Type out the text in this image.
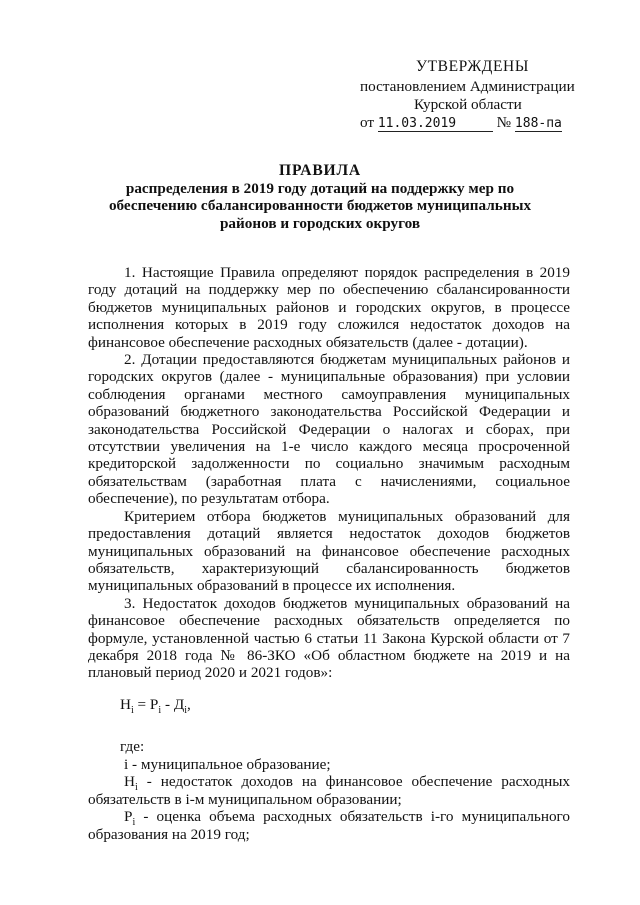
УТВЕРЖДЕНЫ
постановлением Администрации
Курской области
от 11.03.2019	№ 188-па
ПРАВИЛА
распределения в 2019 году дотаций на поддержку мер по обеспечению сбалансированности бюджетов муниципальных районов и городских округов

1. Настоящие Правила определяют порядок распределения в 2019 году дотаций на поддержку мер по обеспечению сбалансированности бюджетов муниципальных районов и городских округов, в процессе исполнения которых в 2019 году сложился недостаток доходов на финансовое обеспечение расходных обязательств (далее - дотации).

2. Дотации предоставляются бюджетам муниципальных районов и городских округов (далее - муниципальные образования) при условии соблюдения органами местного самоуправления муниципальных образований бюджетного законодательства Российской Федерации и законодательства Российской Федерации о налогах и сборах, при отсутствии увеличения на 1-е число каждого месяца просроченной кредиторской задолженности по социально значимым расходным обязательствам (заработная плата с начислениями, социальное обеспечение), по результатам отбора.

Критерием отбора бюджетов муниципальных образований для предоставления дотаций является недостаток доходов бюджетов муниципальных образований на финансовое обеспечение расходных обязательств, характеризующий сбалансированность бюджетов муниципальных образований в процессе их исполнения.

3. Недостаток доходов бюджетов муниципальных образований на финансовое обеспечение расходных обязательств определяется по формуле, установленной частью 6 статьи 11 Закона Курской области от 7 декабря 2018 года № 86-ЗКО «Об областном бюджете на 2019 и на плановый период 2020 и 2021 годов»:

$Н_i = Р_i - Д_i$,
где:

i - муниципальное образование;

$Н_i$ - недостаток доходов на финансовое обеспечение расходных обязательств в i-м муниципальном образовании;

$Р_i$ - оценка объема расходных обязательств i-го муниципального образования на 2019 год;
